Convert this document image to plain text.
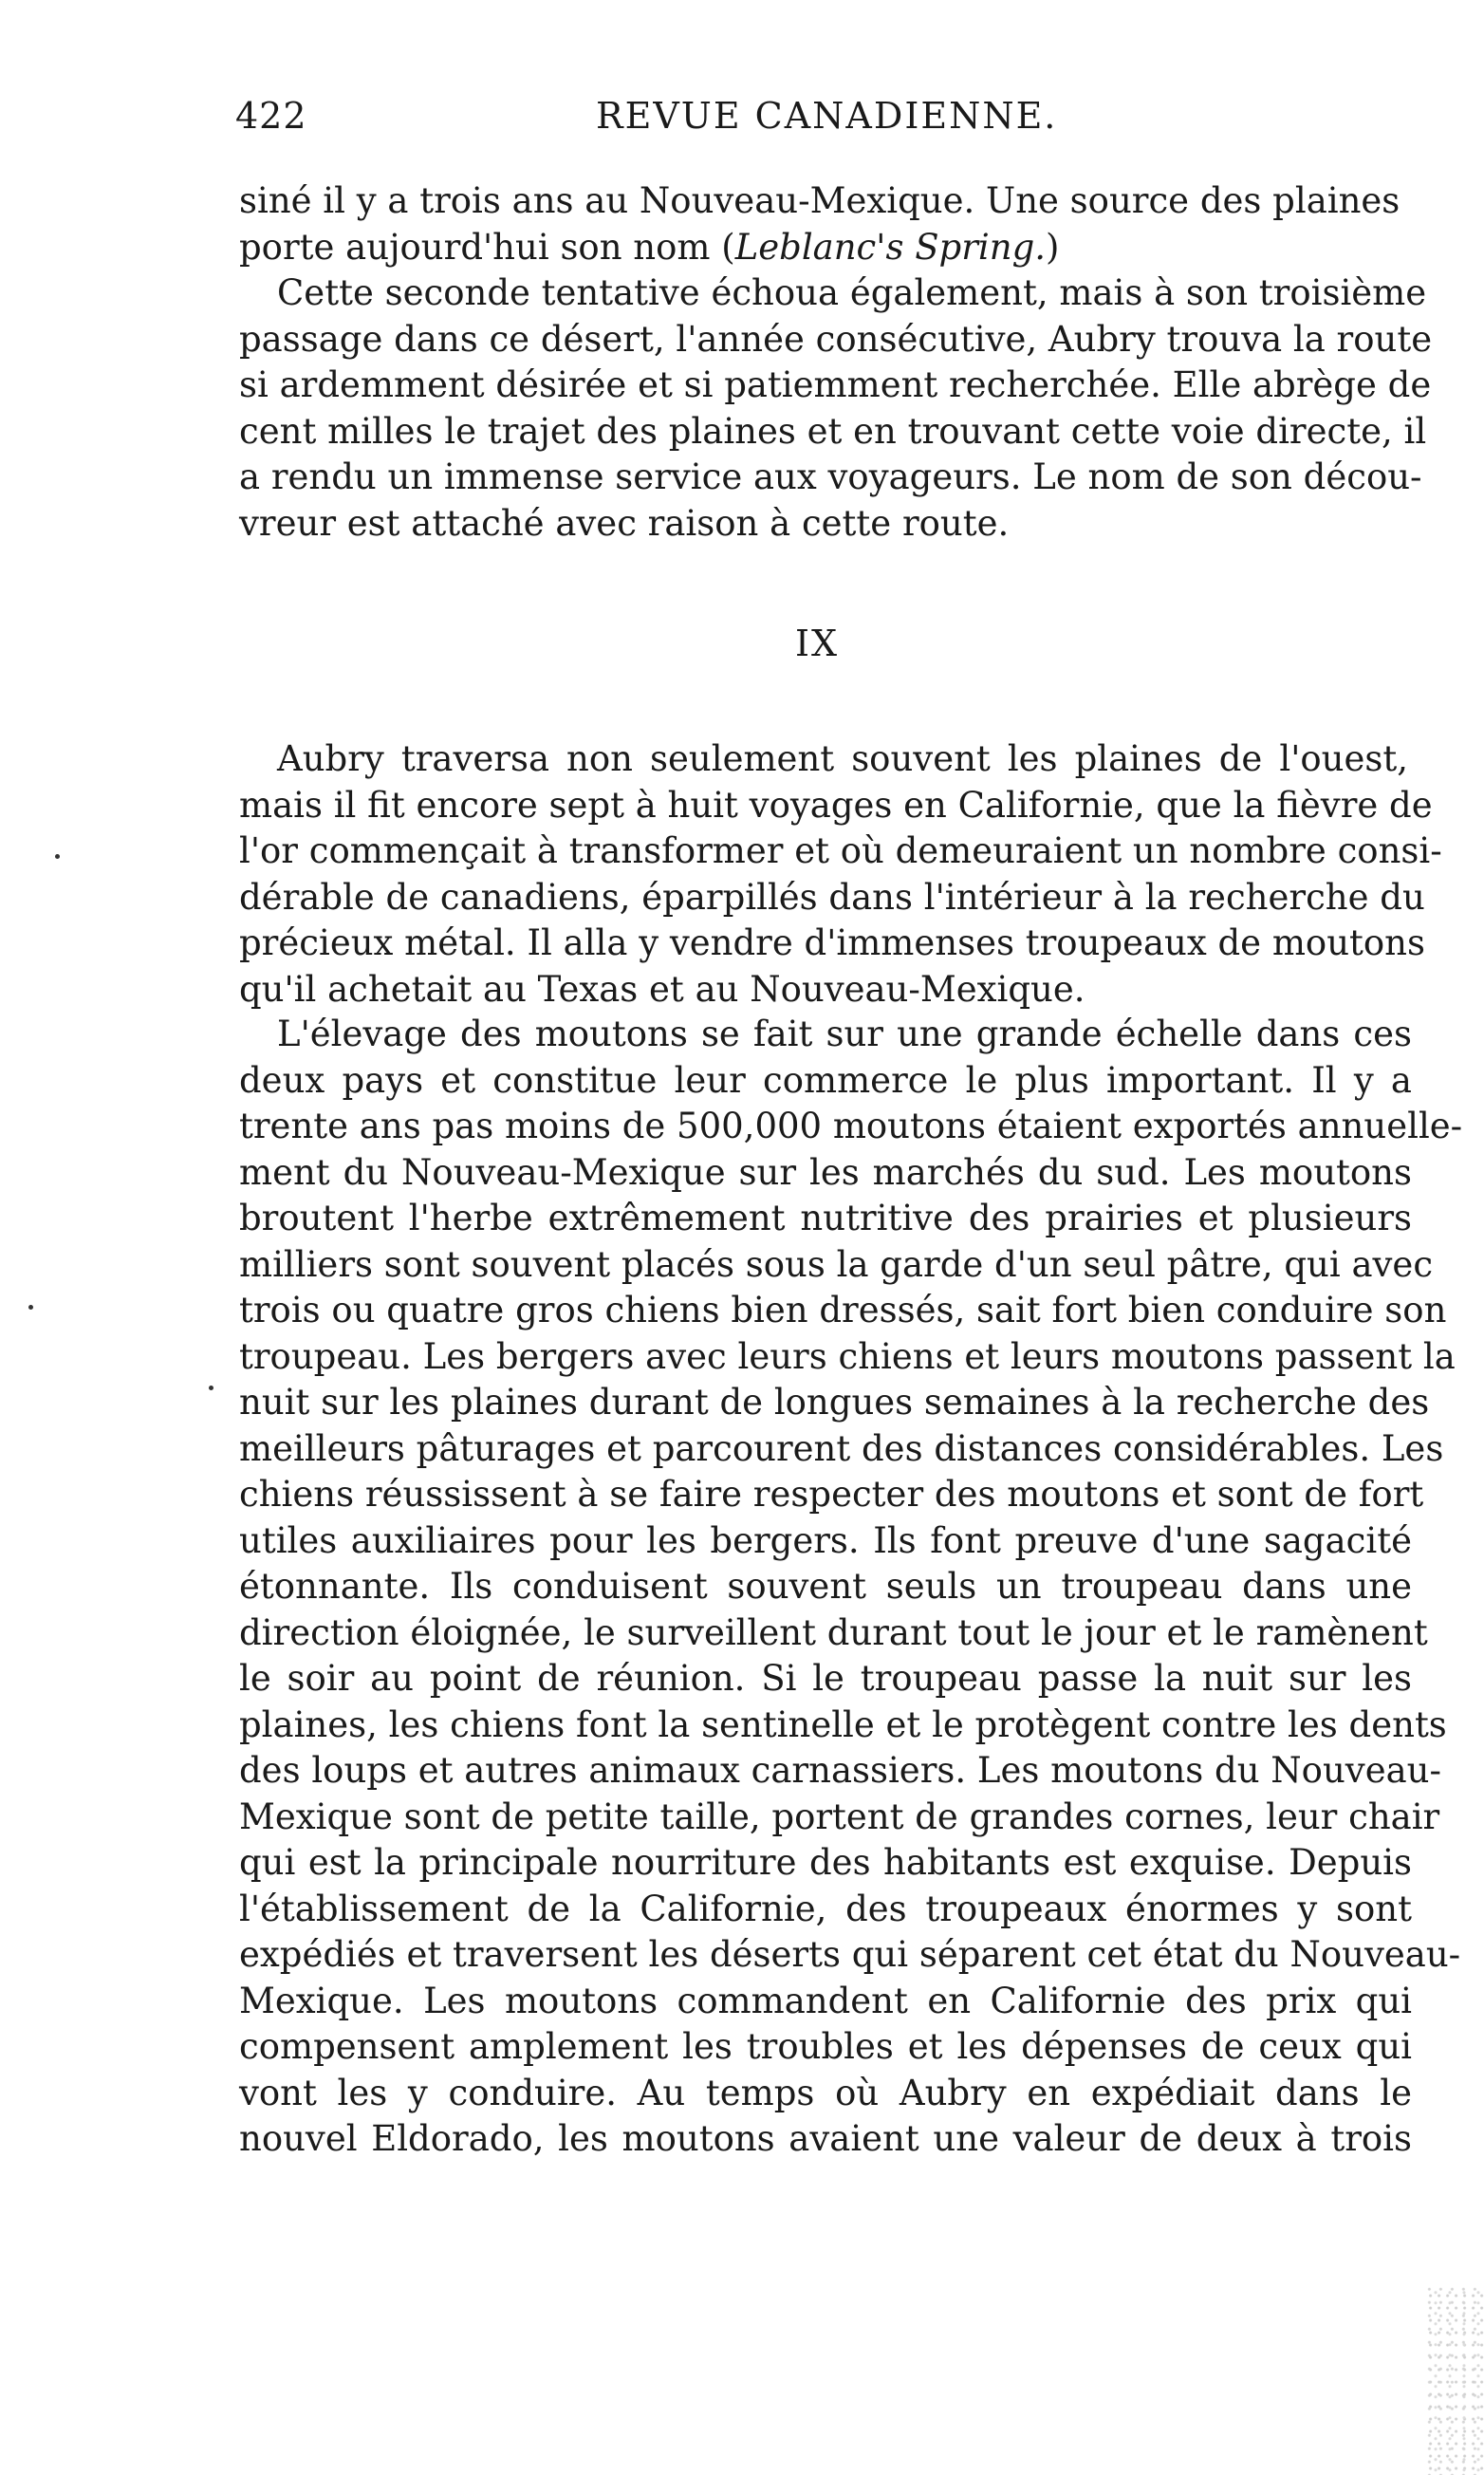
422	REVUE CANADIENNE.
siné il y a trois ans au Nouveau-Mexique. Une source des plaines
porte aujourd'hui son nom (Leblanc's Spring.)
Cette seconde tentative échoua également, mais à son troisième
passage dans ce désert, l'année consécutive, Aubry trouva la route
si ardemment désirée et si patiemment recherchée. Elle abrège de
cent milles le trajet des plaines et en trouvant cette voie directe, il
a rendu un immense service aux voyageurs. Le nom de son décou-
vreur est attaché avec raison à cette route.
IX
Aubry traversa non seulement souvent les plaines de l'ouest,
mais il fit encore sept à huit voyages en Californie, que la fièvre de
l'or commençait à transformer et où demeuraient un nombre consi-
dérable de canadiens, éparpillés dans l'intérieur à la recherche du
précieux métal. Il alla y vendre d'immenses troupeaux de moutons
qu'il achetait au Texas et au Nouveau-Mexique.
L'élevage des moutons se fait sur une grande échelle dans ces
deux pays et constitue leur commerce le plus important. Il y a
trente ans pas moins de 500,000 moutons étaient exportés annuelle-
ment du Nouveau-Mexique sur les marchés du sud. Les moutons
broutent l'herbe extrêmement nutritive des prairies et plusieurs
milliers sont souvent placés sous la garde d'un seul pâtre, qui avec
trois ou quatre gros chiens bien dressés, sait fort bien conduire son
troupeau. Les bergers avec leurs chiens et leurs moutons passent la
nuit sur les plaines durant de longues semaines à la recherche des
meilleurs pâturages et parcourent des distances considérables. Les
chiens réussissent à se faire respecter des moutons et sont de fort
utiles auxiliaires pour les bergers. Ils font preuve d'une sagacité
étonnante. Ils conduisent souvent seuls un troupeau dans une
direction éloignée, le surveillent durant tout le jour et le ramènent
le soir au point de réunion. Si le troupeau passe la nuit sur les
plaines, les chiens font la sentinelle et le protègent contre les dents
des loups et autres animaux carnassiers. Les moutons du Nouveau-
Mexique sont de petite taille, portent de grandes cornes, leur chair
qui est la principale nourriture des habitants est exquise. Depuis
l'établissement de la Californie, des troupeaux énormes y sont
expédiés et traversent les déserts qui séparent cet état du Nouveau-
Mexique. Les moutons commandent en Californie des prix qui
compensent amplement les troubles et les dépenses de ceux qui
vont les y conduire. Au temps où Aubry en expédiait dans le
nouvel Eldorado, les moutons avaient une valeur de deux à trois
